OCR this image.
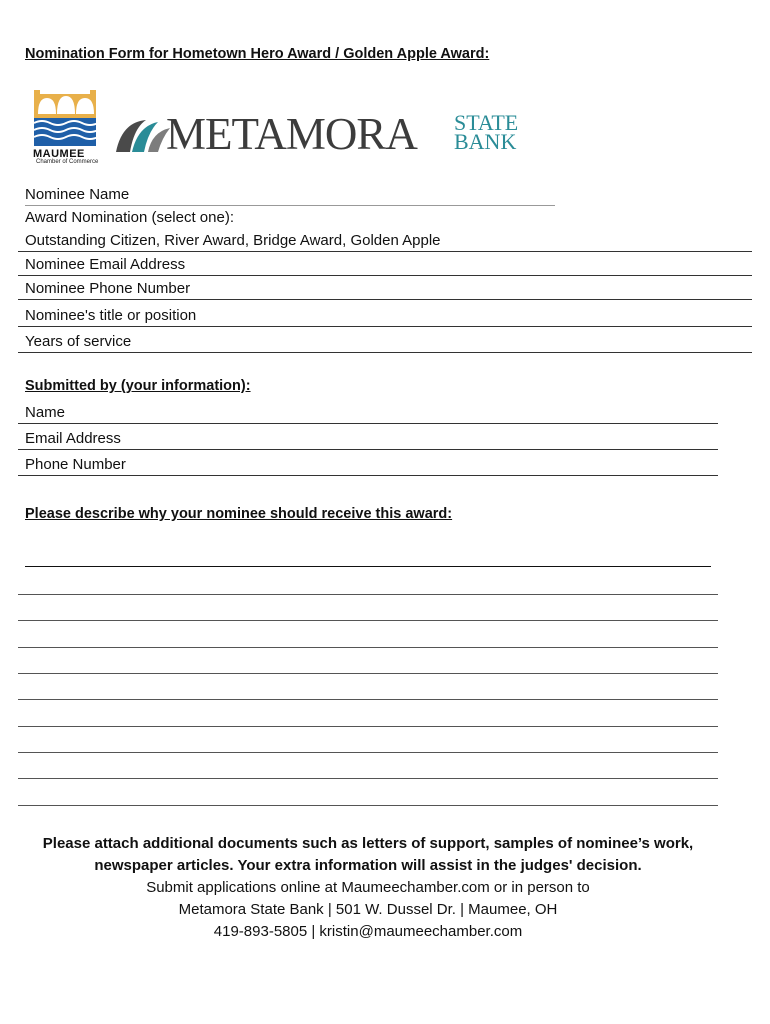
Nomination Form for Hometown Hero Award / Golden Apple Award:
MAUMEE
Chamber of Commerce
METAMORA STATE
BANK
Nominee Name
Award Nomination (select one):
Outstanding Citizen, River Award, Bridge Award, Golden Apple
Nominee Email Address
Nominee Phone Number
Nominee's title or position
Years of service
Submitted by (your information):
Name
Email Address
Phone Number
Please describe why your nominee should receive this award:
Please attach additional documents such as letters of support, samples of nominee’s work,
newspaper articles. Your extra information will assist in the judges' decision.
Submit applications online at Maumeechamber.com or in person to
Metamora State Bank | 501 W. Dussel Dr. | Maumee, OH
419-893-5805 | kristin@maumeechamber.com
